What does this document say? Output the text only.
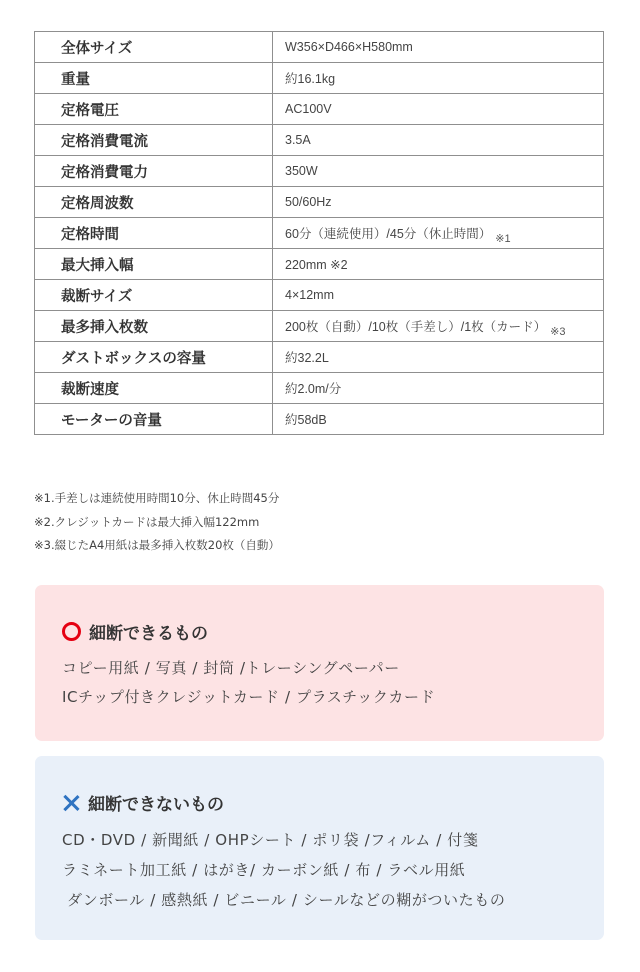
全体サイズ	W356×D466×H580mm
重量	約16.1kg
定格電圧	AC100V
定格消費電流	3.5A
定格消費電力	350W
定格周波数	50/60Hz
定格時間	60分（連続使用）/45分（休止時間） ※1
最大挿入幅	220mm ※2
裁断サイズ	4×12mm
最多挿入枚数	200枚（自動）/10枚（手差し）/1枚（カード） ※3
ダストボックスの容量	約32.2L
裁断速度	約2.0m/分
モーターの音量	約58dB
※1.手差しは連続使用時間10分、休止時間45分
※2.クレジットカードは最大挿入幅122mm
※3.綴じたA4用紙は最多挿入枚数20枚（自動）
細断できるもの
コピー用紙 / 写真 / 封筒 /トレーシングペーパー
ICチップ付きクレジットカード / プラスチックカード
細断できないもの
CD・DVD / 新聞紙 / OHPシート / ポリ袋 /フィルム / 付箋
ラミネート加工紙 / はがき/ カーボン紙 / 布 / ラベル用紙
ダンボール / 感熱紙 / ビニール / シールなどの糊がついたもの
